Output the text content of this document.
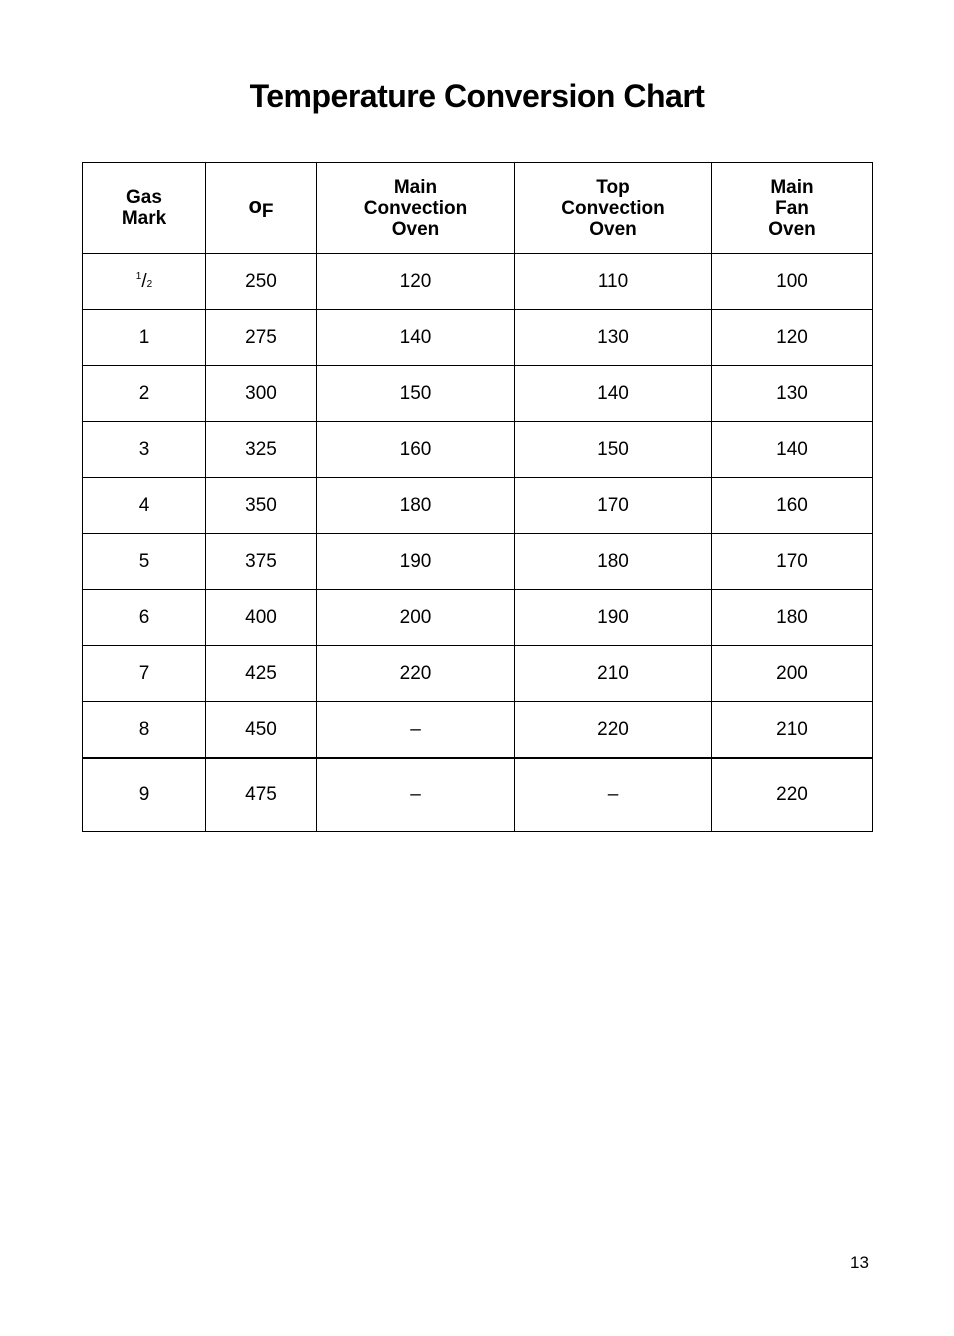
Temperature Conversion Chart
Gas
Mark	oF	Main
Convection
Oven	Top
Convection
Oven	Main
Fan
Oven

$^1$/2	250	120	110	100
1	275	140	130	120
2	300	150	140	130
3	325	160	150	140
4	350	180	170	160
5	375	190	180	170
6	400	200	190	180
7	425	220	210	200
8	450	–	220	210
9	475	–	–	220
13
